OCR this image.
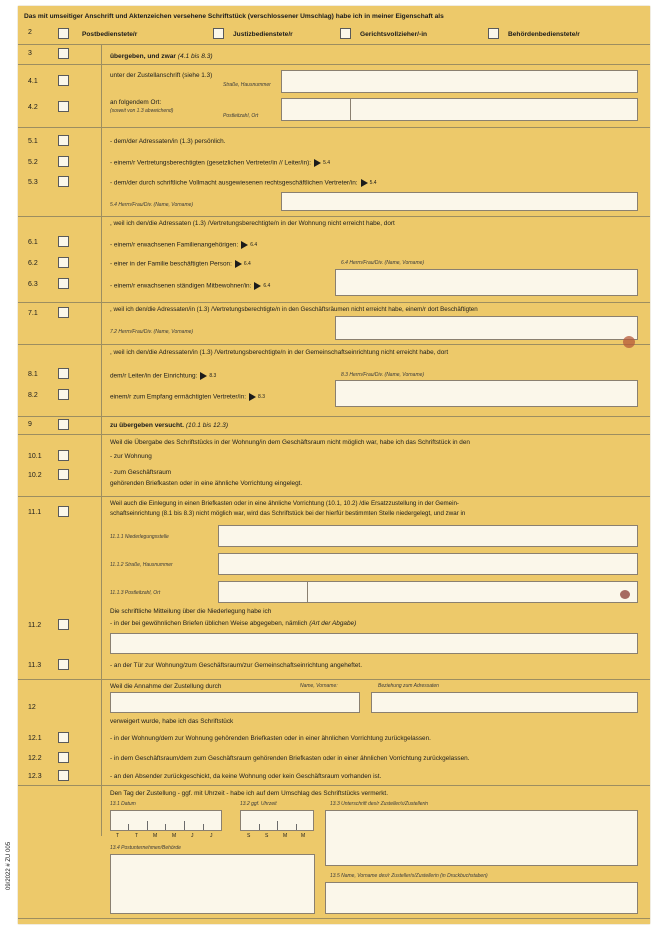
Das mit umseitiger Anschrift und Aktenzeichen versehene Schriftstück (verschlossener Umschlag) habe ich in meiner Eigenschaft als
2	Postbedienstete/r	Justizbedienstete/r	Gerichtsvollzieher/-in	Behördenbedienstete/r
3	übergeben, und zwar (4.1 bis 8.3)
4.1
unter der Zustellanschrift (siehe 1.3)
Straße, Hausnummer
4.2
an folgendem Ort:
(soweit von 1.3 abweichend)
Postleitzahl, Ort
5.1	- dem/der Adressaten/in (1.3) persönlich.
5.2	- einem/r Vertretungsberechtigten (gesetzlichen Vertreter/in // Leiter/in): 5.4
5.3	- dem/der durch schriftliche Vollmacht ausgewiesenen rechtsgeschäftlichen Vertreter/in: 5.4
5.4 Herrn/Frau/Div. (Name, Vorname)
, weil ich den/die Adressaten (1.3) /Vertretungsberechtigte/n in der Wohnung nicht erreicht habe, dort
6.1	- einem/r erwachsenen Familienangehörigen: 6.4
6.2	- einer in der Familie beschäftigten Person: 6.4	6.4 Herrn/Frau/Div. (Name, Vorname)
6.3	- einem/r erwachsenen ständigen Mitbewohner/in: 6.4
7.1
, weil ich den/die Adressaten/in (1.3) /Vertretungsberechtigte/n in den Geschäftsräumen nicht erreicht habe, einem/r dort Beschäftigten
7.2 Herrn/Frau/Div. (Name, Vorname)
, weil ich den/die Adressaten/in (1.3) /Vertretungsberechtigte/n in der Gemeinschaftseinrichtung nicht erreicht habe, dort
8.1	dem/r Leiter/in der Einrichtung: 8.3	8.3 Herrn/Frau/Div. (Name, Vorname)
8.2	einem/r zum Empfang ermächtigten Vertreter/in: 8.3
9	zu übergeben versucht. (10.1 bis 12.3)
Weil die Übergabe des Schriftstücks in der Wohnung/in dem Geschäftsraum nicht möglich war, habe ich das Schriftstück in den
10.1	- zur Wohnung
10.2	- zum Geschäftsraum
gehörenden Briefkasten oder in eine ähnliche Vorrichtung eingelegt.
11.1
Weil auch die Einlegung in einen Briefkasten oder in eine ähnliche Vorrichtung (10.1, 10.2) /die Ersatzzustellung in der Gemein-
schaftseinrichtung (8.1 bis 8.3) nicht möglich war, wird das Schriftstück bei der hierfür bestimmten Stelle niedergelegt, und zwar in
11.1.1 Niederlegungsstelle
11.1.2 Straße, Hausnummer
11.1.3 Postleitzahl, Ort
Die schriftliche Mitteilung über die Niederlegung habe ich
11.2	- in der bei gewöhnlichen Briefen üblichen Weise abgegeben, nämlich (Art der Abgabe)
11.3	- an der Tür zur Wohnung/zum Geschäftsraum/zur Gemeinschaftseinrichtung angeheftet.
Weil die Annahme der Zustellung durch	Name, Vorname:	Beziehung zum Adressaten
12
verweigert wurde, habe ich das Schriftstück
12.1	- in der Wohnung/dem zur Wohnung gehörenden Briefkasten oder in einer ähnlichen Vorrichtung zurückgelassen.
12.2	- in dem Geschäftsraum/dem zum Geschäftsraum gehörenden Briefkasten oder in einer ähnlichen Vorrichtung zurückgelassen.
12.3	- an den Absender zurückgeschickt, da keine Wohnung oder kein Geschäftsraum vorhanden ist.
Den Tag der Zustellung - ggf. mit Uhrzeit - habe ich auf dem Umschlag des Schriftstücks vermerkt.
13.1 Datum
T	T	M	M	J	J
13.2 ggf. Uhrzeit
S	S	M	M
13.3 Unterschrift des/r Zusteller/s/Zustellerin
13.4 Postunternehmen/Behörde
13.5 Name, Vorname des/r Zusteller/s/Zustellerin (in Druckbuchstaben)
09/2022 # ZU 005
